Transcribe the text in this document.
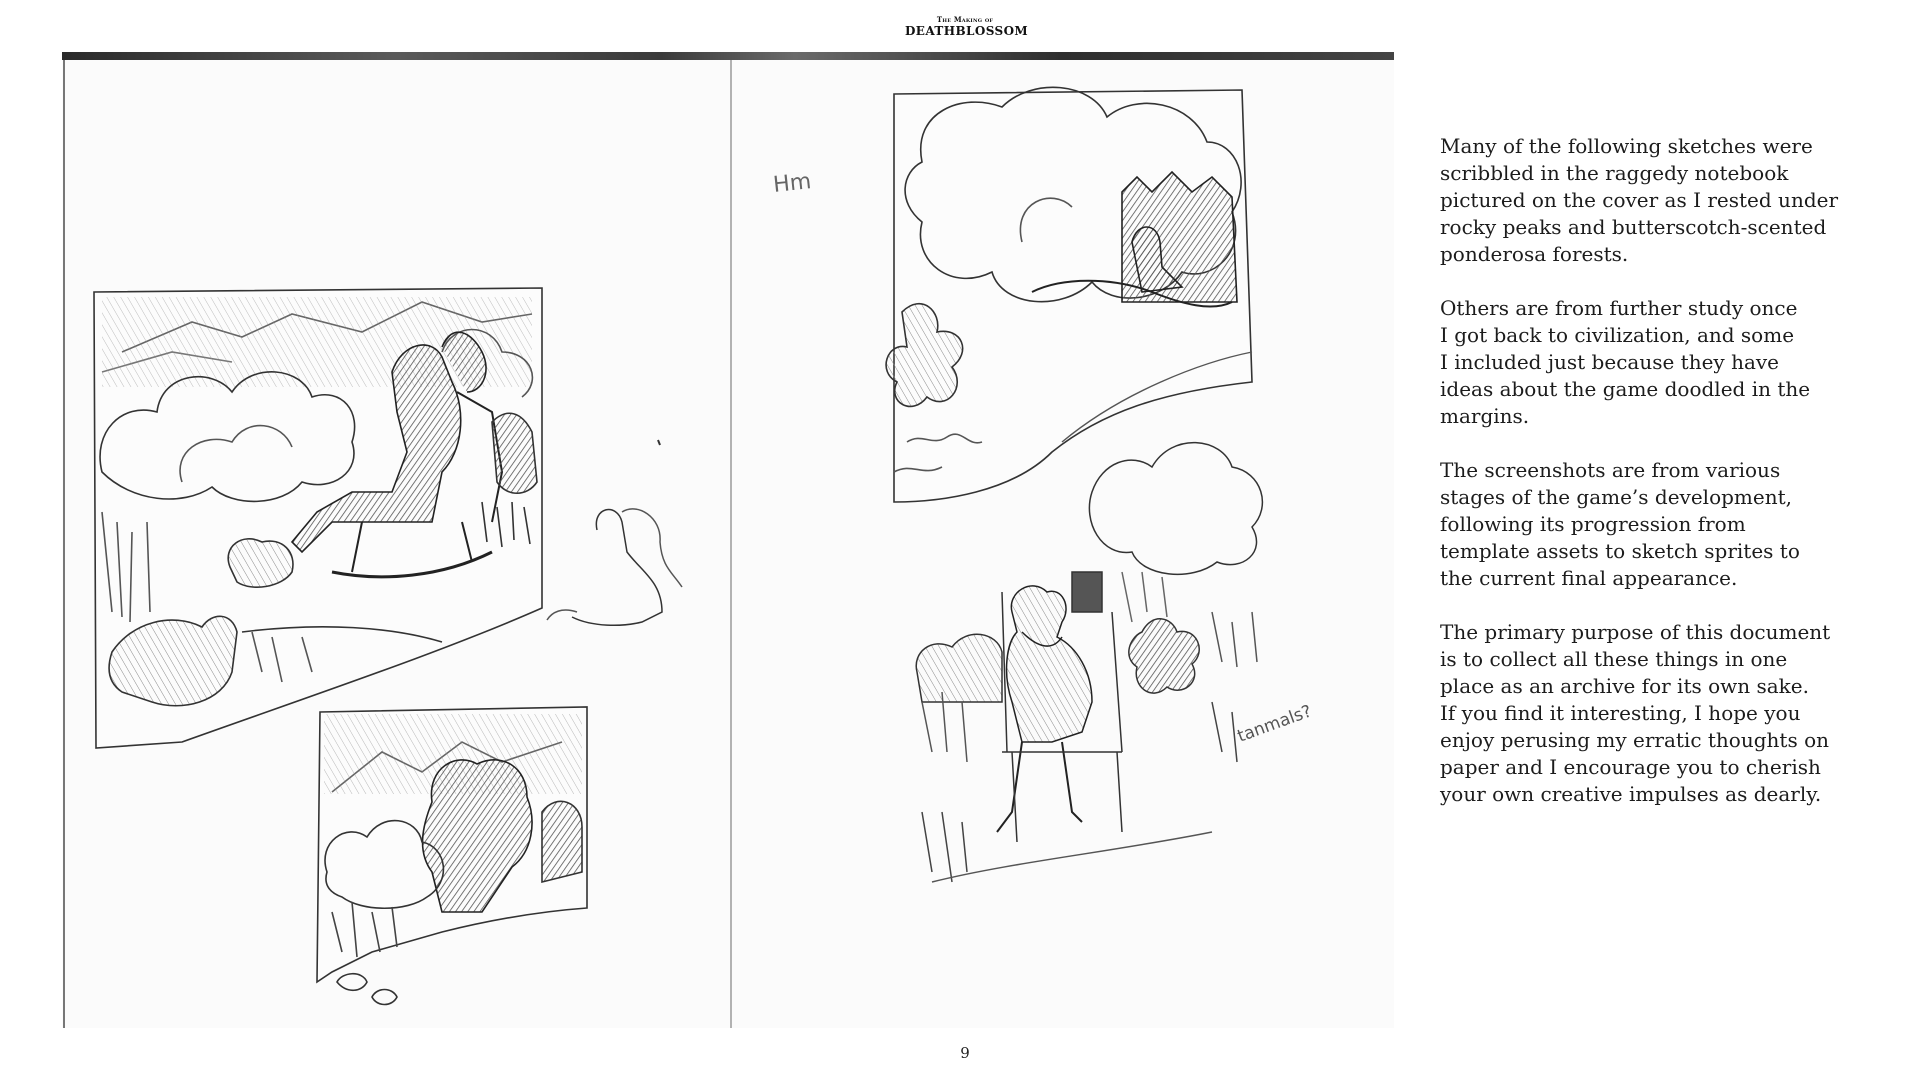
The Making of
DEATHBLOSSOM
Hm
tanmals?
Many of the following sketches were
scribbled in the raggedy notebook
pictured on the cover as I rested under
rocky peaks and butterscotch-scented
ponderosa forests.
Others are from further study once
I got back to civilization, and some
I included just because they have
ideas about the game doodled in the
margins.
The screenshots are from various
stages of the game’s development,
following its progression from
template assets to sketch sprites to
the current final appearance.
The primary purpose of this document
is to collect all these things in one
place as an archive for its own sake.
If you find it interesting, I hope you
enjoy perusing my erratic thoughts on
paper and I encourage you to cherish
your own creative impulses as dearly.
9
